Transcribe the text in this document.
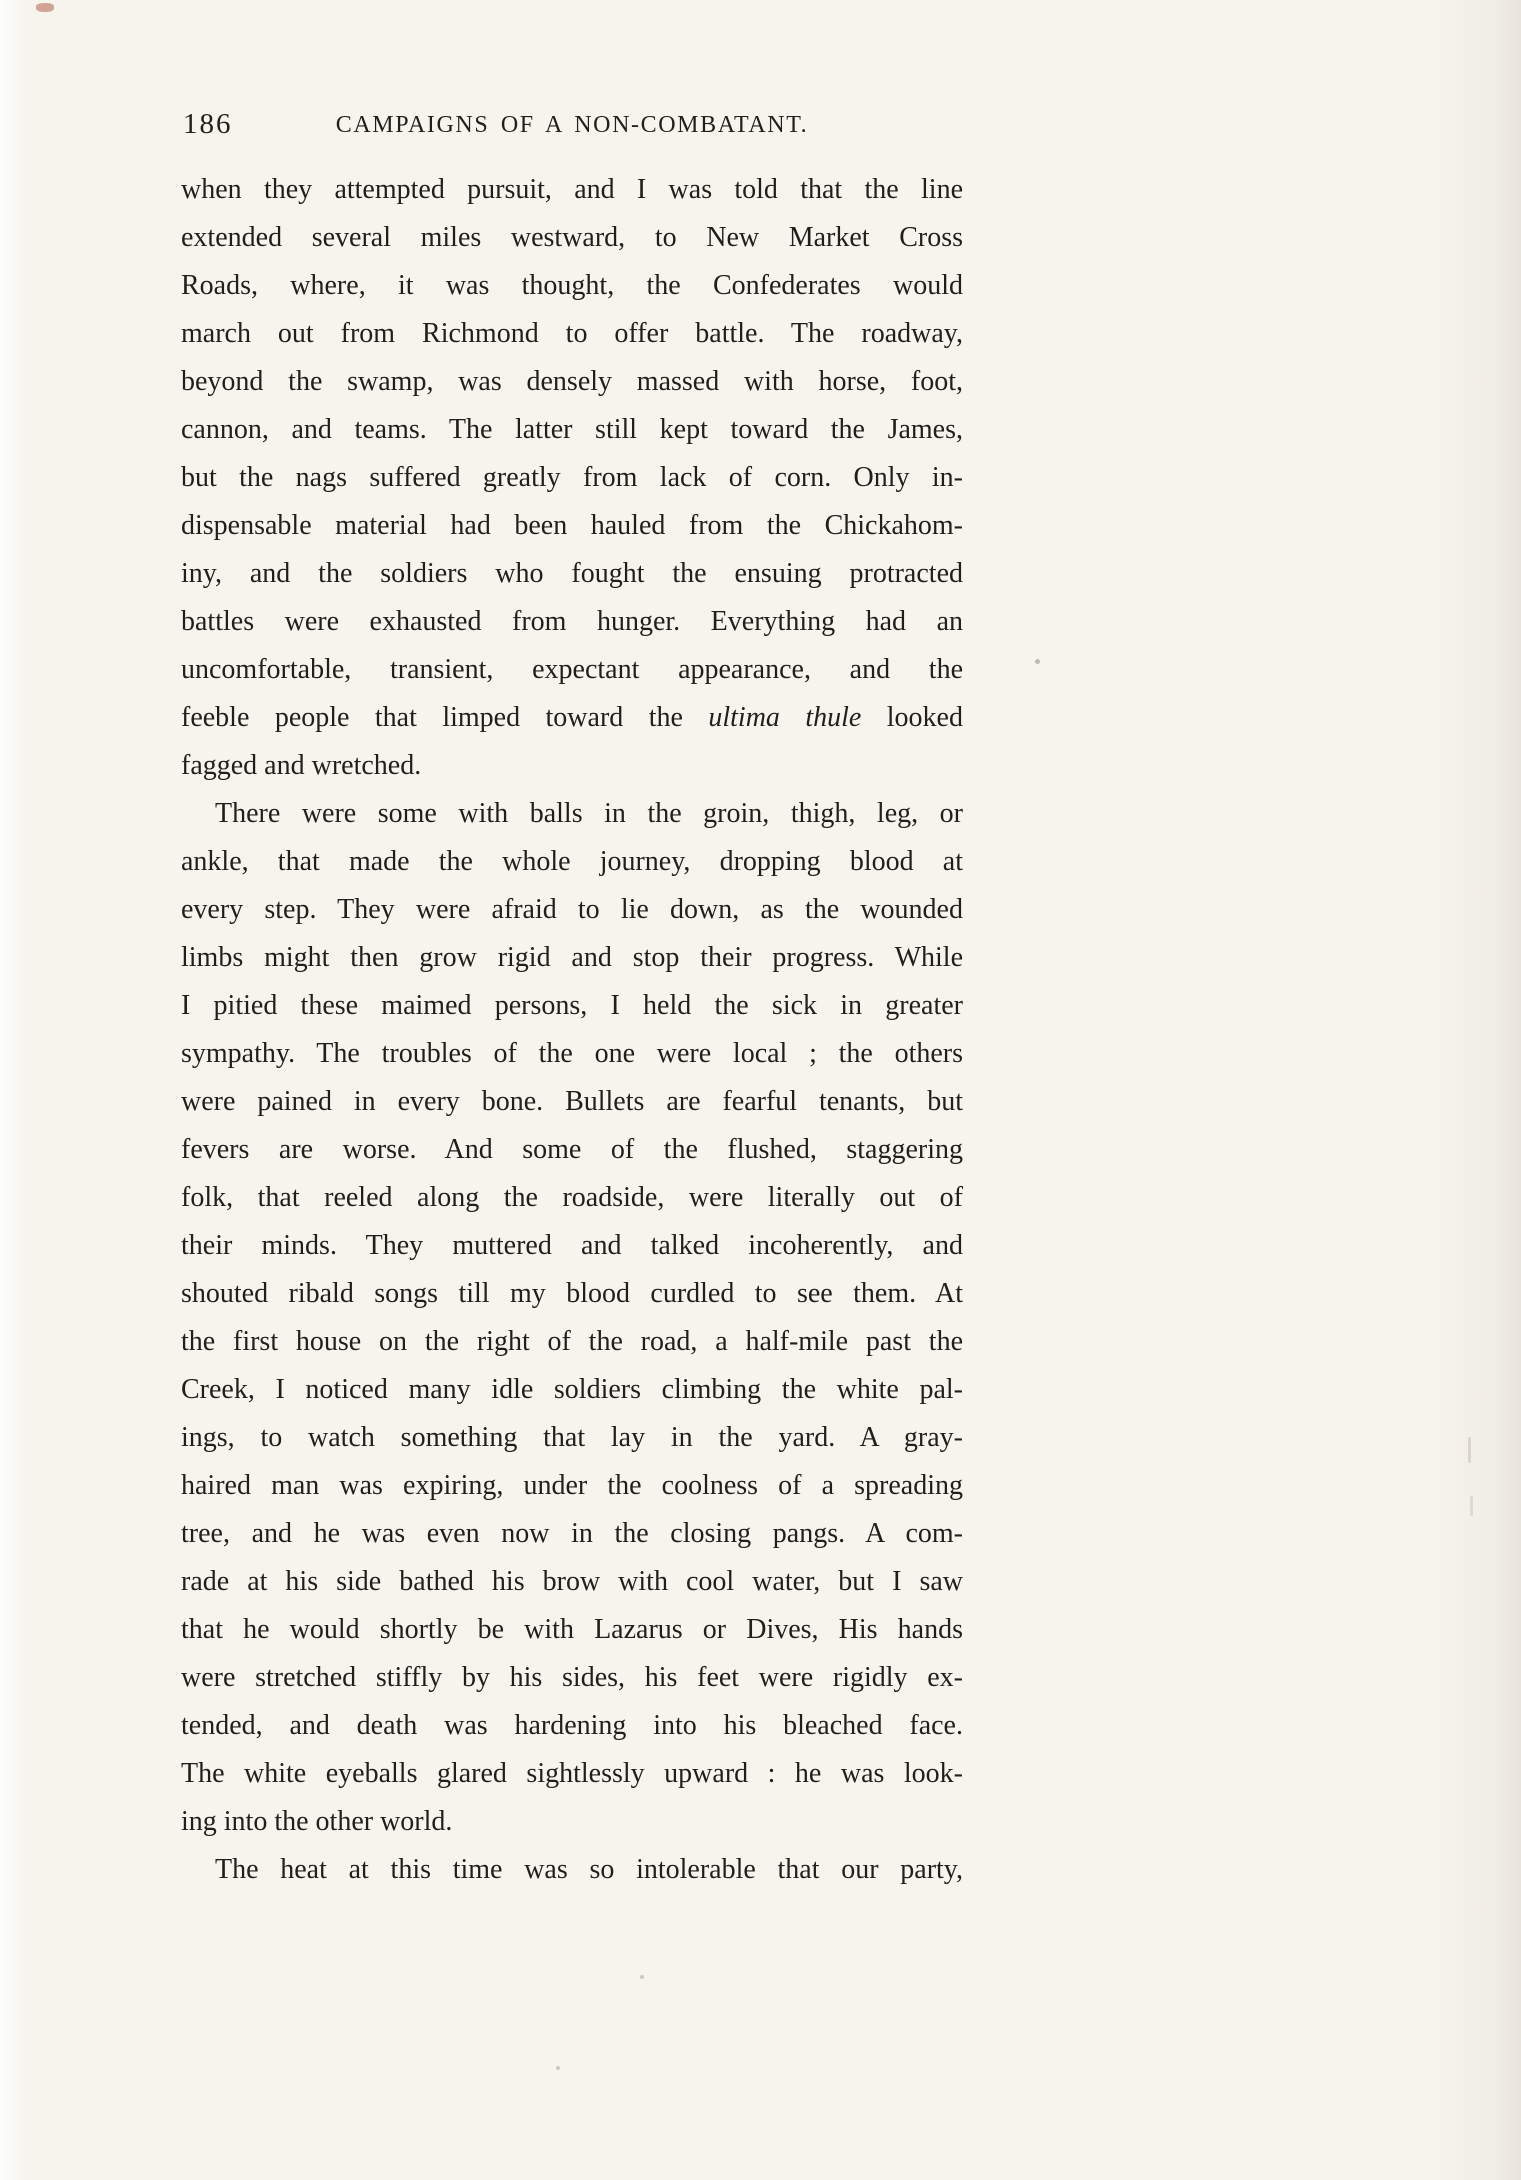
186	CAMPAIGNS OF A NON-COMBATANT.
when they attempted pursuit, and I was told that the line
extended several miles westward, to New Market Cross
Roads, where, it was thought, the Confederates would
march out from Richmond to offer battle. The roadway,
beyond the swamp, was densely massed with horse, foot,
cannon, and teams. The latter still kept toward the James,
but the nags suffered greatly from lack of corn. Only in-
dispensable material had been hauled from the Chickahom-
iny, and the soldiers who fought the ensuing protracted
battles were exhausted from hunger. Everything had an
uncomfortable, transient, expectant appearance, and the
feeble people that limped toward the ultima thule looked
fagged and wretched.
There were some with balls in the groin, thigh, leg, or
ankle, that made the whole journey, dropping blood at
every step. They were afraid to lie down, as the wounded
limbs might then grow rigid and stop their progress. While
I pitied these maimed persons, I held the sick in greater
sympathy. The troubles of the one were local ; the others
were pained in every bone. Bullets are fearful tenants, but
fevers are worse. And some of the flushed, staggering
folk, that reeled along the roadside, were literally out of
their minds. They muttered and talked incoherently, and
shouted ribald songs till my blood curdled to see them. At
the first house on the right of the road, a half-mile past the
Creek, I noticed many idle soldiers climbing the white pal-
ings, to watch something that lay in the yard. A gray-
haired man was expiring, under the coolness of a spreading
tree, and he was even now in the closing pangs. A com-
rade at his side bathed his brow with cool water, but I saw
that he would shortly be with Lazarus or Dives, His hands
were stretched stiffly by his sides, his feet were rigidly ex-
tended, and death was hardening into his bleached face.
The white eyeballs glared sightlessly upward : he was look-
ing into the other world.
The heat at this time was so intolerable that our party,
